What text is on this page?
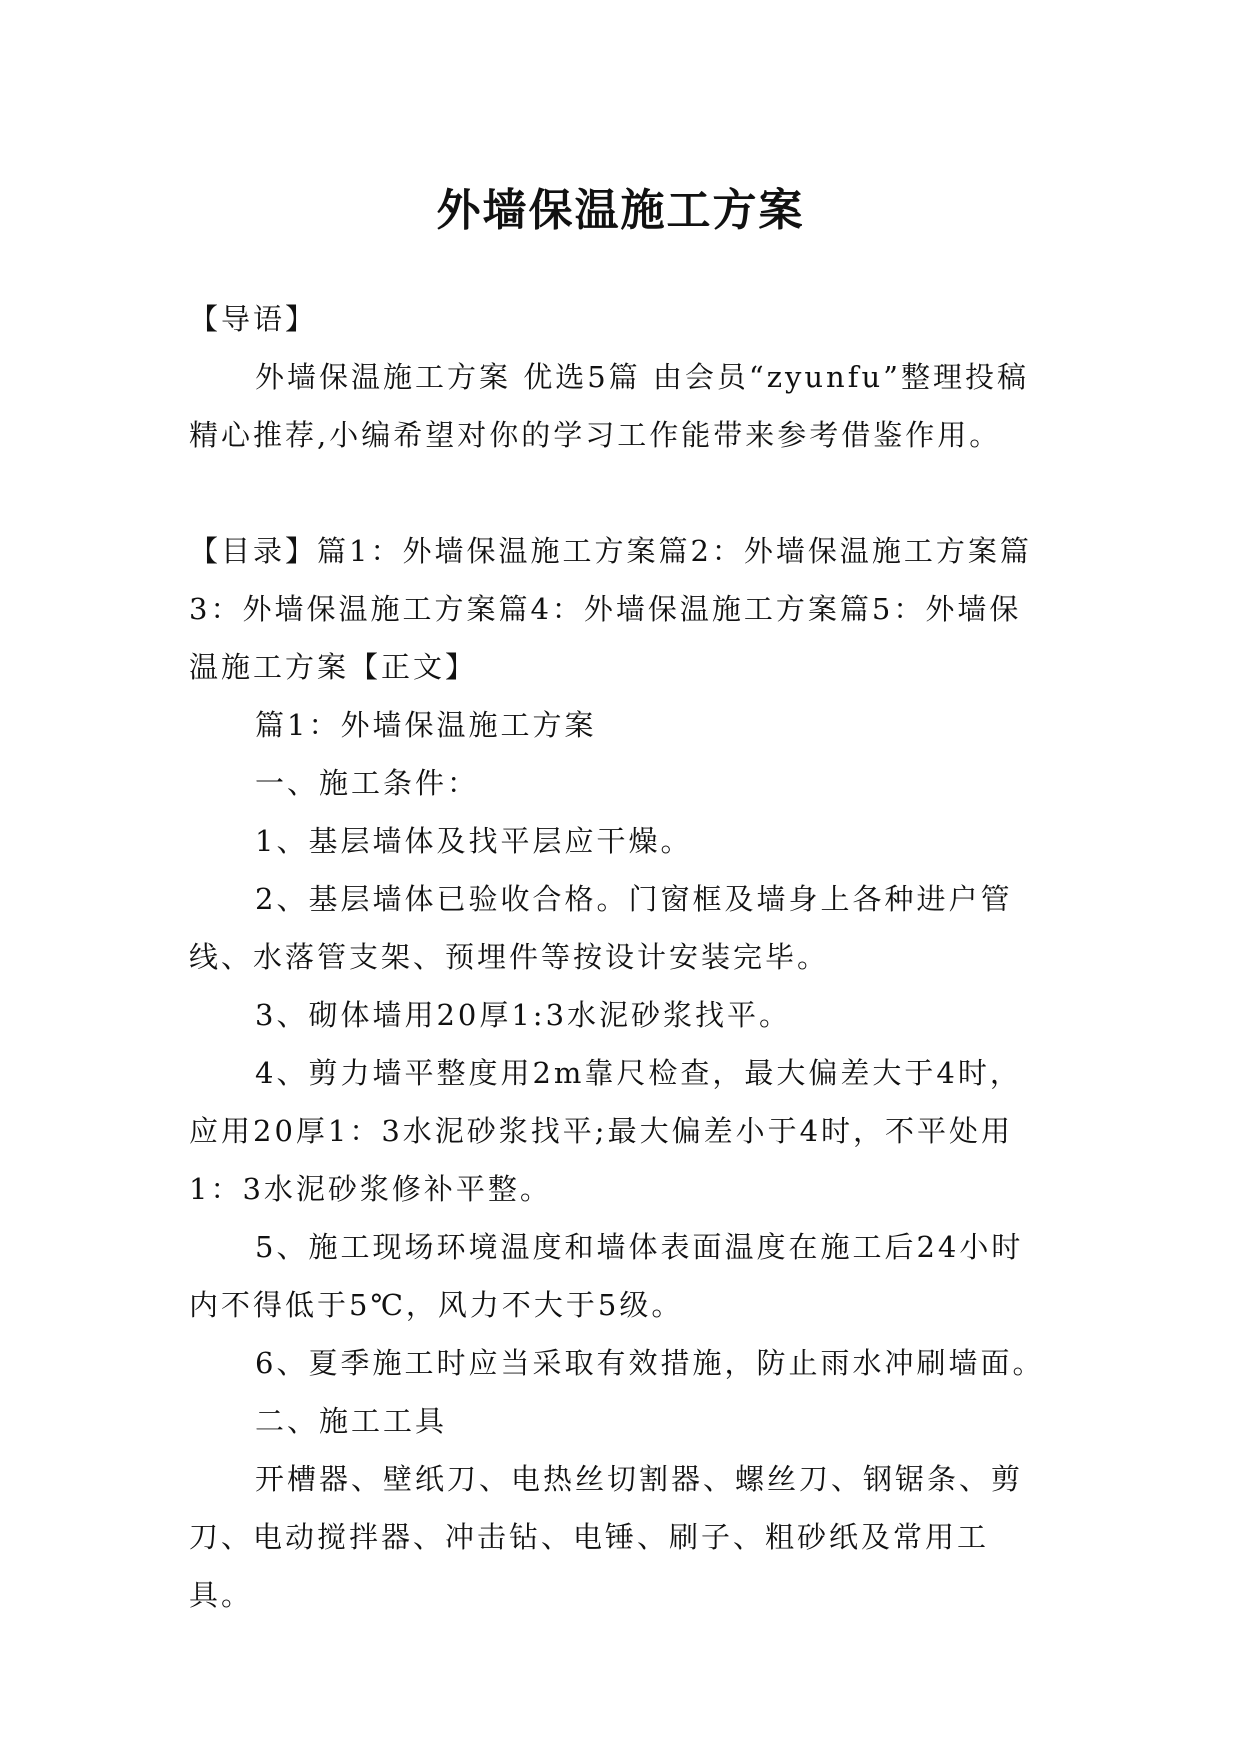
外墙保温施工方案

【导语】

外墙保温施工方案 优选5篇 由会员“zyunfu”整理投稿精心推荐,小编希望对你的学习工作能带来参考借鉴作用。

【目录】篇1：外墙保温施工方案篇2：外墙保温施工方案篇3：外墙保温施工方案篇4：外墙保温施工方案篇5：外墙保温施工方案【正文】

篇1：外墙保温施工方案

一、施工条件：

1、基层墙体及找平层应干燥。

2、基层墙体已验收合格。门窗框及墙身上各种进户管线、水落管支架、预埋件等按设计安装完毕。

3、砌体墙用20厚1:3水泥砂浆找平。

4、剪力墙平整度用2m靠尺检查，最大偏差大于4时，应用20厚1：3水泥砂浆找平;最大偏差小于4时，不平处用1：3水泥砂浆修补平整。

5、施工现场环境温度和墙体表面温度在施工后24小时内不得低于5℃，风力不大于5级。

6、夏季施工时应当采取有效措施，防止雨水冲刷墙面。

二、施工工具

开槽器、壁纸刀、电热丝切割器、螺丝刀、钢锯条、剪刀、电动搅拌器、冲击钻、电锤、刷子、粗砂纸及常用工具。
